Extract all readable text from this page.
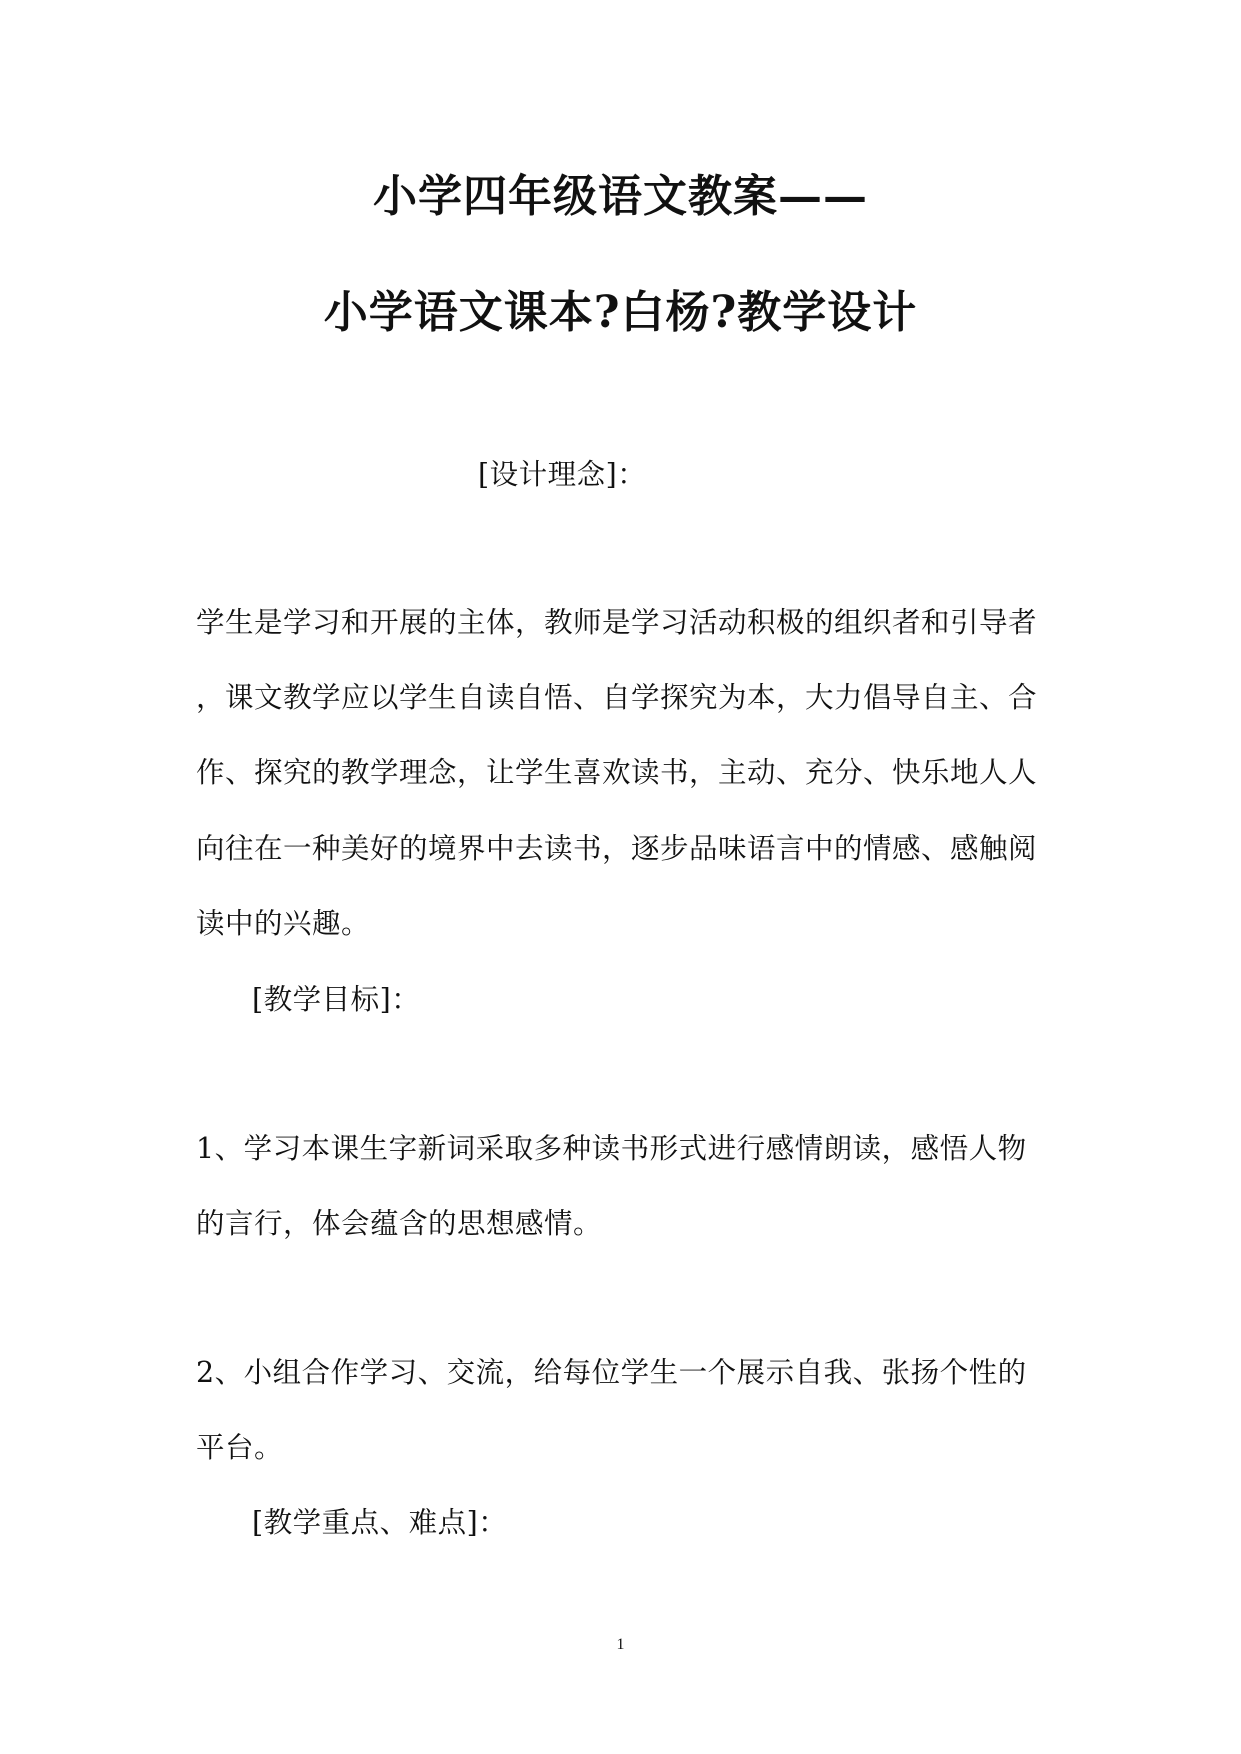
小学四年级语文教案——
小学语文课本?白杨?教学设计
[设计理念]：
学生是学习和开展的主体，教师是学习活动积极的组织者和引导者
，课文教学应以学生自读自悟、自学探究为本，大力倡导自主、合
作、探究的教学理念，让学生喜欢读书，主动、充分、快乐地人人
向往在一种美好的境界中去读书，逐步品味语言中的情感、感触阅
读中的兴趣。
[教学目标]：
1、学习本课生字新词采取多种读书形式进行感情朗读，感悟人物
的言行，体会蕴含的思想感情。
2、小组合作学习、交流，给每位学生一个展示自我、张扬个性的
平台。
[教学重点、难点]：
1
